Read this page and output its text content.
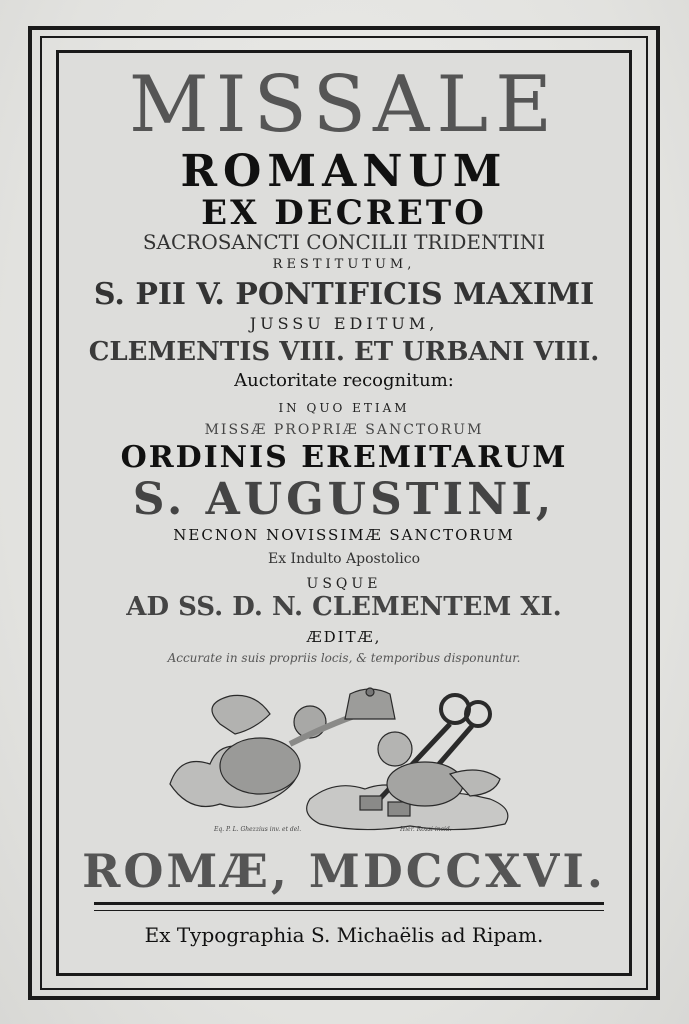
MISSALE

ROMANUM

EX DECRETO

SACROSANCTI CONCILII TRIDENTINI

RESTITUTUM,

S. PII V. PONTIFICIS MAXIMI

JUSSU EDITUM,

CLEMENTIS VIII. ET URBANI VIII.

Auctoritate recognitum:

IN QUO ETIAM

MISSÆ PROPRIÆ SANCTORUM

ORDINIS EREMITARUM

S. AUGUSTINI,

NECNON NOVISSIMÆ SANCTORUM

Ex Indulto Apostolico

USQUE

AD SS. D. N. CLEMENTEM XI.

ÆDITÆ,

Accurate in suis propriis locis, & temporibus disponuntur.

Eq. P. L. Ghezzius inv. et del.	Hier. Rossi incid.

ROMÆ, MDCCXVI.

Ex Typographia S. Michaëlis ad Ripam.
